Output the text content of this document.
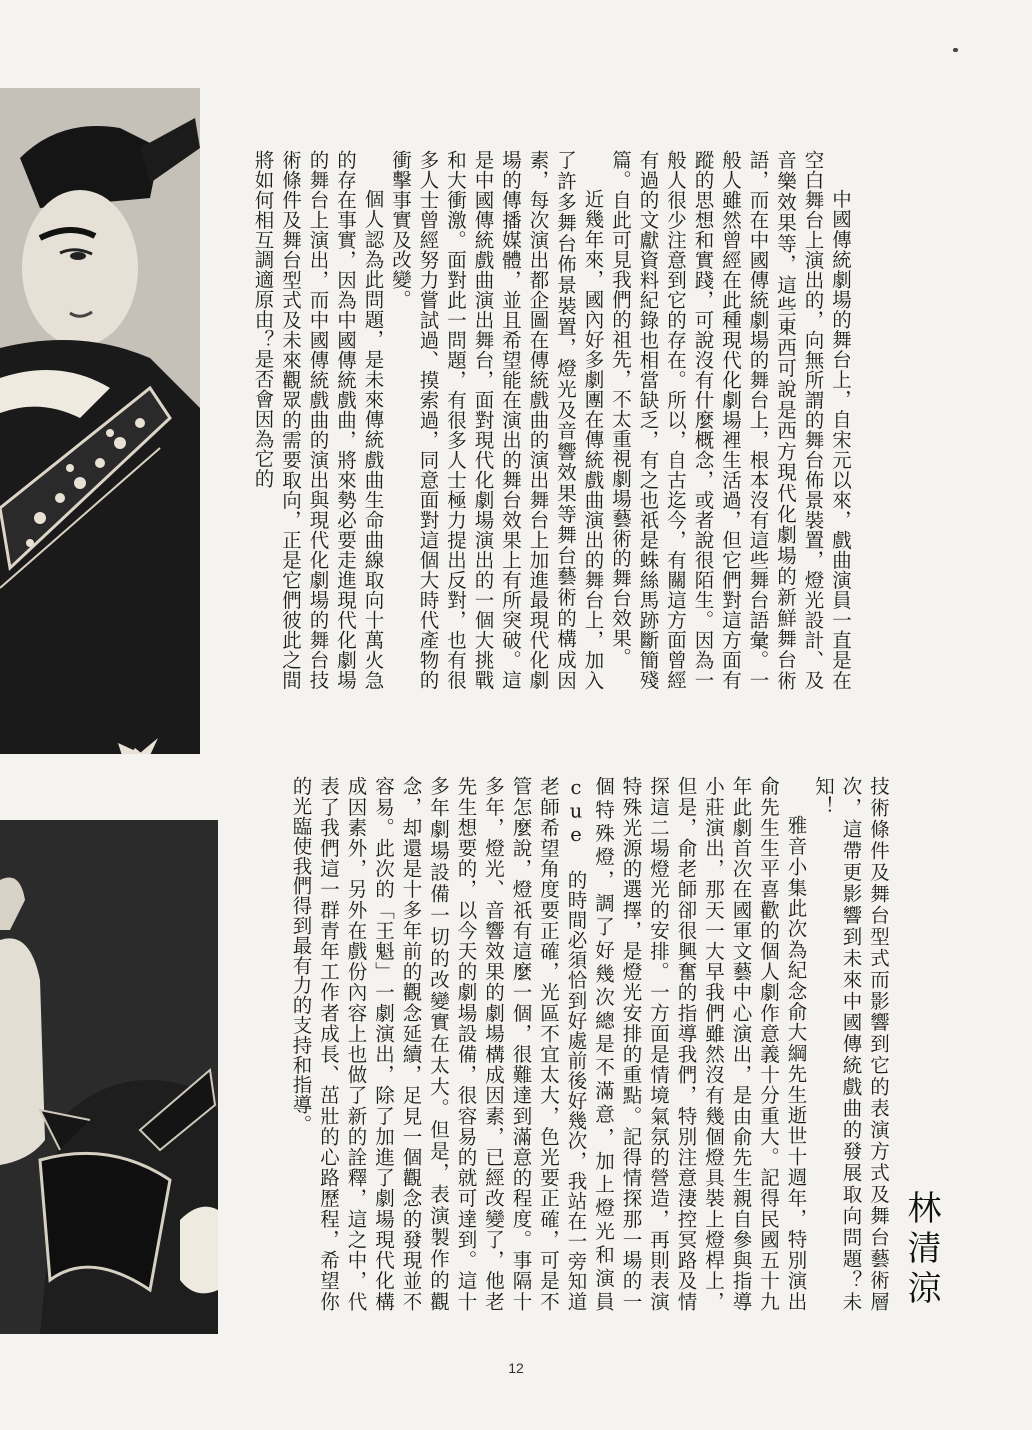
中國傳統劇場的舞台上，自宋元以來，戲曲演員一直是在空白舞台上演出的，向無所謂的舞台佈景裝置，燈光設計、及音樂效果等，這些東西可說是西方現代化劇場的新鮮舞台術語，而在中國傳統劇場的舞台上，根本沒有這些舞台語彙。一般人雖然曾經在此種現代化劇場裡生活過，但它們對這方面有蹤的思想和實踐，可說沒有什麼概念，或者說很陌生。因為一般人很少注意到它的存在。所以，自古迄今，有關這方面曾經有過的文獻資料紀錄也相當缺乏，有之也祇是蛛絲馬跡斷簡殘篇。自此可見我們的祖先，不太重視劇場藝術的舞台效果。

近幾年來，國內好多劇團在傳統戲曲演出的舞台上，加入了許多舞台佈景裝置，燈光及音響效果等舞台藝術的構成因素，每次演出都企圖在傳統戲曲的演出舞台上加進最現代化劇場的傳播媒體，並且希望能在演出的舞台效果上有所突破。這是中國傳統戲曲演出舞台，面對現代化劇場演出的一個大挑戰和大衝激。面對此一問題，有很多人士極力提出反對，也有很多人士曾經努力嘗試過、摸索過，同意面對這個大時代產物的衝擊事實及改變。

個人認為此問題，是未來傳統戲曲生命曲線取向十萬火急的存在事實，因為中國傳統戲曲，將來勢必要走進現代化劇場的舞台上演出，而中國傳統戲曲的演出與現代化劇場的舞台技術條件及舞台型式及未來觀眾的需要取向，正是它們彼此之間將如何相互調適原由？是否會因為它的

技術條件及舞台型式而影響到它的表演方式及舞台藝術層次，這帶更影響到未來中國傳統戲曲的發展取向問題？未知！

雅音小集此次為紀念俞大綱先生逝世十週年，特別演出俞先生生平喜歡的個人劇作意義十分重大。記得民國五十九年此劇首次在國軍文藝中心演出，是由俞先生親自參與指導小莊演出，那天一大早我們雖然沒有幾個燈具裝上燈桿上，但是，俞老師卻很興奮的指導我們，特別注意淒控冥路及情探這二場燈光的安排。一方面是情境氣氛的營造，再則表演特殊光源的選擇，是燈光安排的重點。記得情探那一場的一個特殊燈，調了好幾次總是不滿意，加上燈光和演員 cue 的時間必須恰到好處前後好幾次，我站在一旁知道老師希望角度要正確，光區不宜太大，色光要正確，可是不管怎麼說，燈祇有這麼一個，很難達到滿意的程度。事隔十多年，燈光、音響效果的劇場構成因素，已經改變了，他老先生想要的，以今天的劇場設備，很容易的就可達到。這十多年劇場設備一切的改變實在太大。但是，表演製作的觀念，却還是十多年前的觀念延續，足見一個觀念的發現並不容易。此次的「王魁」一劇演出，除了加進了劇場現代化構成因素外，另外在戲份內容上也做了新的詮釋，這之中，代表了我們這一群青年工作者成長、茁壯的心路歷程，希望你的光臨使我們得到最有力的支持和指導。

林清涼
12
